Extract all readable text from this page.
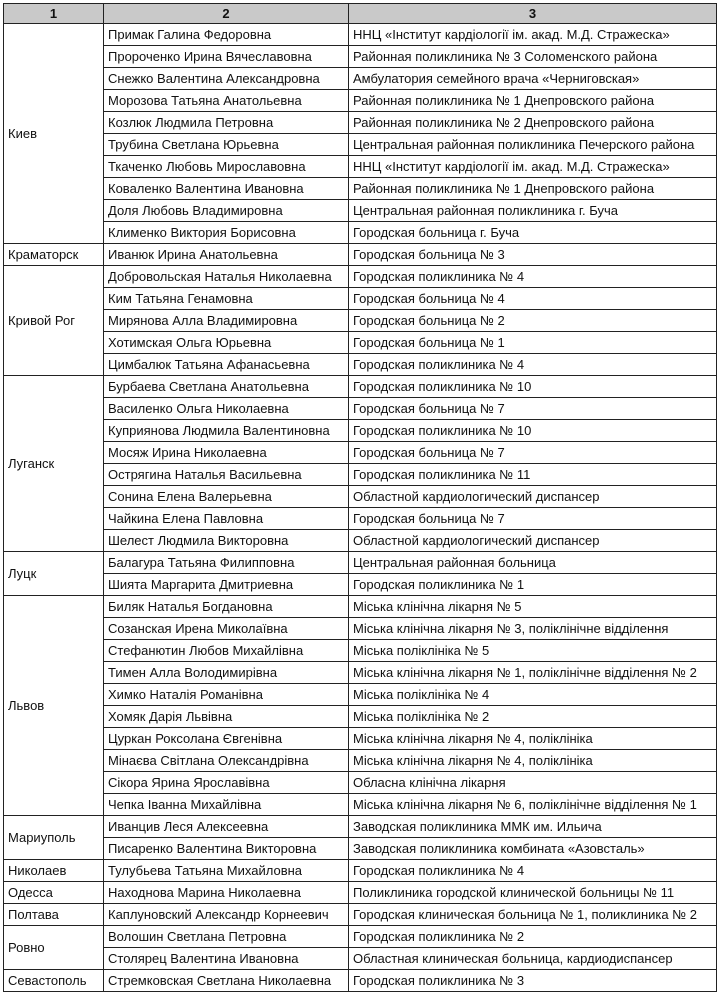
1	2	3
Киев	Примак Галина Федоровна	ННЦ «Інститут кардіології ім. акад. М.Д. Стражеска»
	Пророченко Ирина Вячеславовна	Районная поликлиника № 3 Соломенского района
	Снежко Валентина Александровна	Амбулатория семейного врача «Черниговская»
	Морозова Татьяна Анатольевна	Районная поликлиника № 1 Днепровского района
	Козлюк Людмила Петровна	Районная поликлиника № 2 Днепровского района
	Трубина Светлана Юрьевна	Центральная районная поликлиника Печерского района
	Ткаченко Любовь Мирославовна	ННЦ «Інститут кардіології ім. акад. М.Д. Стражеска»
	Коваленко Валентина Ивановна	Районная поликлиника № 1 Днепровского района
	Доля Любовь Владимировна	Центральная районная поликлиника г. Буча
	Клименко Виктория Борисовна	Городская больница г. Буча
Краматорск	Иванюк Ирина Анатольевна	Городская больница № 3
Кривой Рог	Добровольская Наталья Николаевна	Городская поликлиника № 4
	Ким Татьяна Генамовна	Городская больница № 4
	Мирянова Алла Владимировна	Городская больница № 2
	Хотимская Ольга Юрьевна	Городская больница № 1
	Цимбалюк Татьяна Афанасьевна	Городская поликлиника № 4
Луганск	Бурбаева Светлана Анатольевна	Городская поликлиника № 10
	Василенко Ольга Николаевна	Городская больница № 7
	Куприянова Людмила Валентиновна	Городская поликлиника № 10
	Мосяж Ирина Николаевна	Городская больница № 7
	Острягина Наталья Васильевна	Городская поликлиника № 11
	Сонина Елена Валерьевна	Областной кардиологический диспансер
	Чайкина Елена Павловна	Городская больница № 7
	Шелест Людмила Викторовна	Областной кардиологический диспансер
Луцк	Балагура Татьяна Филипповна	Центральная районная больница
	Шията Маргарита Дмитриевна	Городская поликлиника № 1
Львов	Биляк Наталья Богдановна	Міська клінічна лікарня № 5
	Созанская Ирена Миколаївна	Міська клінічна лікарня № 3, поліклінічне відділення
	Стефанютин Любов Михайлівна	Міська поліклініка № 5
	Тимен Алла Володимирівна	Міська клінічна лікарня № 1, поліклінічне відділення № 2
	Химко Наталія Романівна	Міська поліклініка № 4
	Хомяк Дарія Львівна	Міська поліклініка № 2
	Цуркан Роксолана Євгенівна	Міська клінічна лікарня № 4, поліклініка
	Мінаєва Світлана Олександрівна	Міська клінічна лікарня № 4, поліклініка
	Сікора Ярина Ярославівна	Обласна клінічна лікарня
	Чепка Іванна Михайлівна	Міська клінічна лікарня № 6, поліклінічне відділення № 1
Мариуполь	Иванцив Леся Алексеевна	Заводская поликлиника ММК им. Ильича
	Писаренко Валентина Викторовна	Заводская поликлиника комбината «Азовсталь»
Николаев	Тулубьева Татьяна Михайловна	Городская поликлиника № 4
Одесса	Находнова Марина Николаевна	Поликлиника городской клинической больницы № 11
Полтава	Каплуновский Александр Корнеевич	Городская клиническая больница № 1, поликлиника № 2
Ровно	Волошин Светлана Петровна	Городская поликлиника № 2
	Столярец Валентина Ивановна	Областная клиническая больница, кардиодиспансер
Севастополь	Стремковская Светлана Николаевна	Городская поликлиника № 3
